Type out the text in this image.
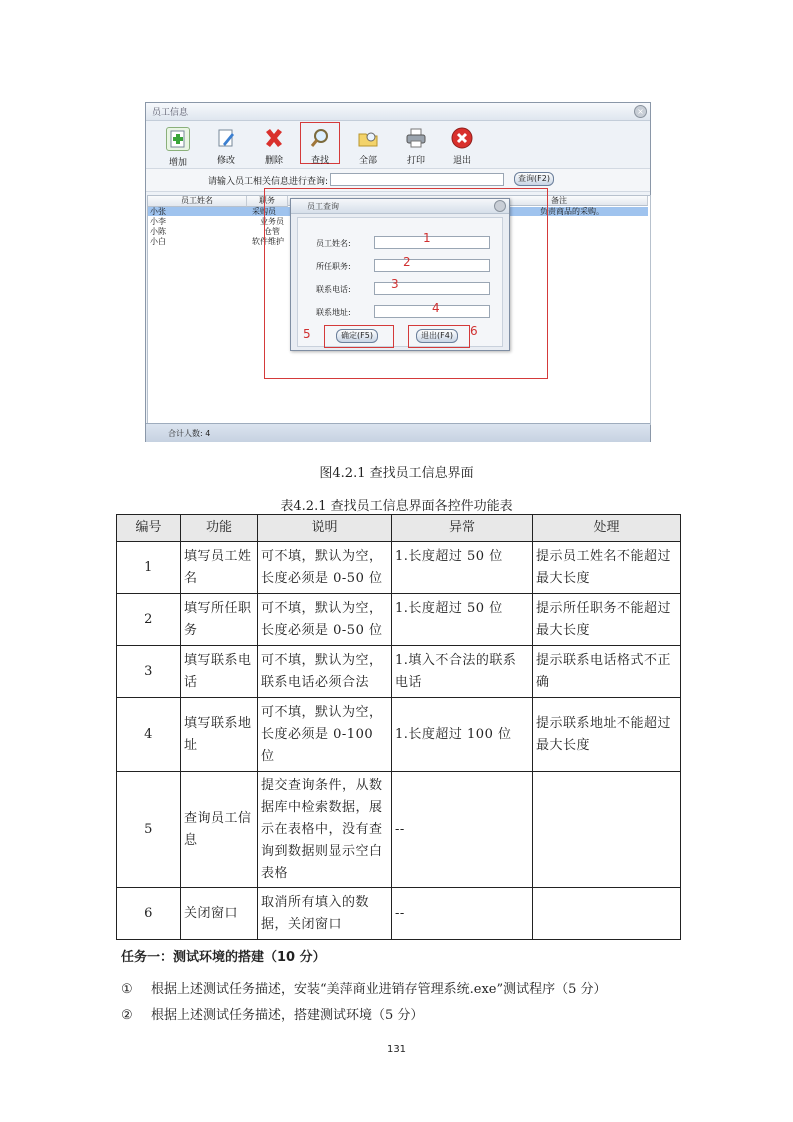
员工信息	×
增加	修改	删除	查找	全部	打印	退出
请输入员工相关信息进行查询:	查询(F2)
员工姓名	职务	备注
小张	采购员	负责商品的采购。
小李	业务员
小陈	仓管
小白	软件维护
合计人数: 4
员工查询
员工姓名:
所任职务:
联系电话:
联系地址:
确定(F5)	退出(F4)
1
2
3
4
5	6
图4.2.1 查找员工信息界面
表4.2.1 查找员工信息界面各控件功能表
编号	功能	说明	异常	处理
1	填写员工姓名	可不填，默认为空，长度必须是 0-50 位	1.长度超过 50 位	提示员工姓名不能超过最大长度
2	填写所任职务	可不填，默认为空，长度必须是 0-50 位	1.长度超过 50 位	提示所任职务不能超过最大长度
3	填写联系电话	可不填，默认为空，联系电话必须合法	1.填入不合法的联系电话	提示联系电话格式不正确
4	填写联系地址	可不填，默认为空，长度必须是 0-100 位	1.长度超过 100 位	提示联系地址不能超过最大长度
5	查询员工信息	提交查询条件，从数据库中检索数据，展示在表格中，没有查询到数据则显示空白表格	--	
6	关闭窗口	取消所有填入的数据，关闭窗口	--	
任务一：测试环境的搭建（10 分）
① 根据上述测试任务描述，安装“美萍商业进销存管理系统.exe”测试程序（5 分）
② 根据上述测试任务描述，搭建测试环境（5 分）
131
